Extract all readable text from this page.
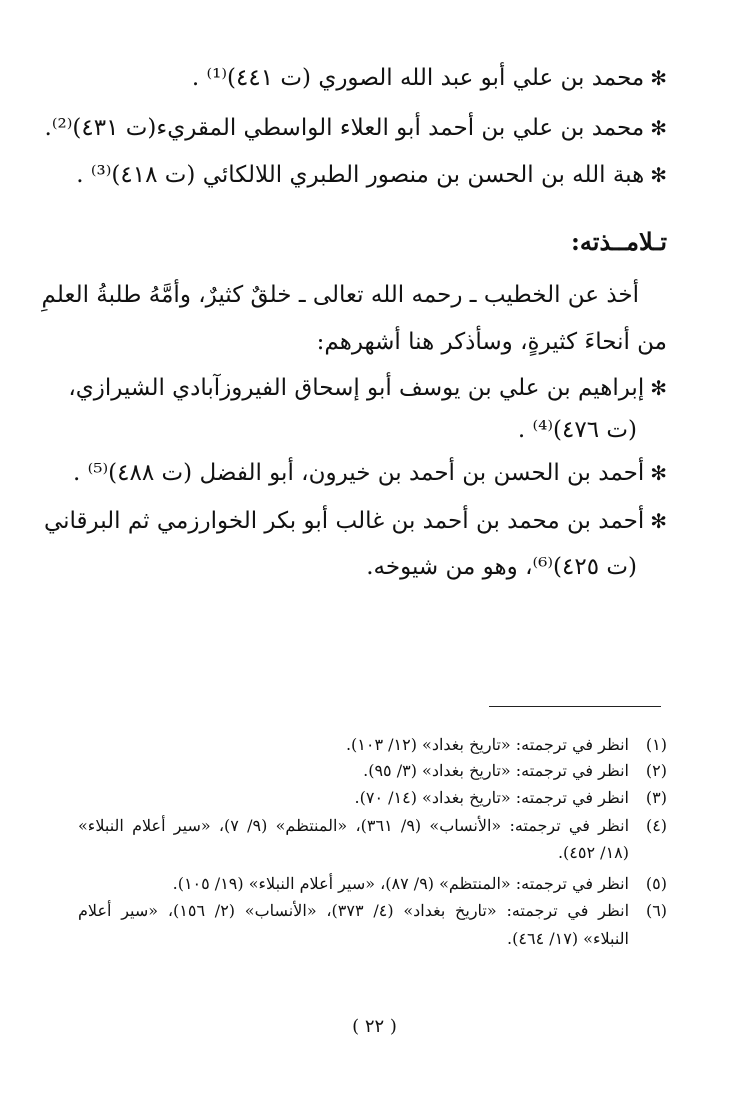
✻محمد بن علي أبو عبد الله الصوري (ت ٤٤١)⁽¹⁾ .
✻محمد بن علي بن أحمد أبو العلاء الواسطي المقريء(ت ٤٣١)⁽²⁾.
✻هبة الله بن الحسن بن منصور الطبري اللالكائي (ت ٤١٨)⁽³⁾ .
تـلامــذته:
أخذ عن الخطيب ـ رحمه الله تعالى ـ خلقٌ كثيرٌ، وأمَّهُ طلبةُ العلمِ
من أنحاءَ كثيرةٍ، وسأذكر هنا أشهرهم:
✻إبراهيم بن علي بن يوسف أبو إسحاق الفيروزآبادي الشيرازي،
(ت ٤٧٦)⁽⁴⁾ .
✻أحمد بن الحسن بن أحمد بن خيرون، أبو الفضل (ت ٤٨٨)⁽⁵⁾ .
✻أحمد بن محمد بن أحمد بن غالب أبو بكر الخوارزمي ثم البرقاني
(ت ٤٢٥)⁽⁶⁾، وهو من شيوخه.
(١)انظر في ترجمته: «تاريخ بغداد» (١٢/ ١٠٣).
(٢)انظر في ترجمته: «تاريخ بغداد» (٣/ ٩٥).
(٣)انظر في ترجمته: «تاريخ بغداد» (١٤/ ٧٠).
(٤)انظر في ترجمته: «الأنساب» (٩/ ٣٦١)، «المنتظم» (٩/ ٧)، «سير أعلام النبلاء»
(١٨/ ٤٥٢).
(٥)انظر في ترجمته: «المنتظم» (٩/ ٨٧)، «سير أعلام النبلاء» (١٩/ ١٠٥).
(٦)انظر في ترجمته: «تاريخ بغداد» (٤/ ٣٧٣)، «الأنساب» (٢/ ١٥٦)، «سير أعلام
النبلاء» (١٧/ ٤٦٤).
( ٢٢ )
